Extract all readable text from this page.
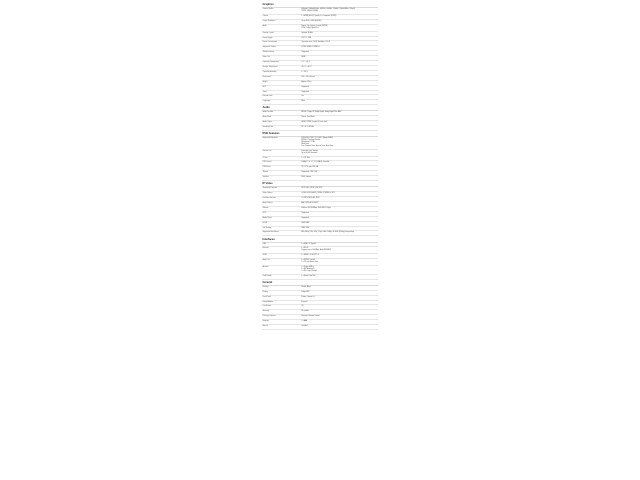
Graphics
Graphic Modes	1080p60, 1080p50/60Hz, 1080i50, 1080i60, 720p60, 720p50/60Hz, 576p50,
576i50, 480p60, 480i60
Outputs	1 x HDMI (HDCP) Type A, 1 x Composite (CVBS)
Output Resolution	Up to 1920 x 1080 (Full HD)
Audio	Stereo, 2ch Output, Coaxial (S/PDIF)
PCM / Dolby Digital Plus
Remote Control	Infrared, 38 kHz
Power Supply	12V DC, 1.5A
Power Consumption	Operation: max. 10 W, Standby: < 0.5 W
Supported Codecs	H.264, MPEG-2, MPEG-4
Subtitle Formats	Supported
Video Out	HDMI
Operating Temperature	0 °C ~ 40 °C
Storage Temperature	-20 °C ~ 60 °C
Operating Humidity	5 ~ 90 %
Dimensions	190 x 130 x 34 mm
Weight	Approx. 420 g
EPG	Supported
Timer	Supported
Parental Lock	Yes
Languages	Multi
Audio
Audio Decoder	MPEG-1 Layer I/II, Dolby Digital, Dolby Digital Plus, AAC
Audio Mode	Stereo, Dual Mono
Audio Output	HDMI, S/PDIF Coaxial, 3.5 mm Jack
Sampling Rate	32 / 44.1 / 48 kHz
DVB Features
Supported Standards	DVB-S/S2, DVB-T/T2, DVB-C (Annex A/B/C)
MPEG-2 Transport Stream
Multistream, T2-MI
Blind Scan
Fast Channel Scan, Manual Scan, Auto Scan
Channel List	Favourite Lists, Sorting
Up to 10,000 channels
CI Slot	1 x CI+ Slot
LNB Control	DiSEqC 1.0, 1.1, 1.2, USALS, Unicable
LNB Power	13 / 18 V, max. 400 mA
Teletext	Supported, OSD / VBI
Subtitles	DVB, Teletext
IP Video
Streaming Protocols	HTTP, HLS, RTSP, UDP, RTP
Video Codecs	H.264, H.265 (HEVC), MPEG-2, MPEG-4, VP9
Container Formats	TS, MP4, MKV, AVI, MOV
Audio Codecs	AAC, MP3, AC3, E-AC3
Network	Ethernet 10/100 Mbps, Wi-Fi 802.11 b/g/n
IPTV	Supported
Media Player	Supported
DLNA	DMP, DMR
File Sharing	SMB, NFS
Supported Resolutions	480i, 480p, 576i, 576p, 720p, 1080i, 1080p, 4K UHD (2160p) via upscaling
Interfaces
USB	1 x USB 2.0, Type A
Ethernet	1 x RJ-45
Supports up to 100 Mbps, Auto MDI/MDIX
HDMI	1 x HDMI 1.4, HDCP 1.4
Audio Out	1 x S/PDIF Coaxial
1 x 3.5 mm Stereo Jack
Antenna	1 x F-type LNB In
1 x IEC Antenna In
1 x IEC Loop Through
Card Reader	1 x Smart Card Slot
General
Housing	Plastic, Black
Display	4-digit LED
Front Panel	Power, Channel +/-
Power Adapter	External
Certification	CE
Warranty	24 months
Package Contents	Receiver, Remote Control
Batteries	2 x AAA
Manual	Included
